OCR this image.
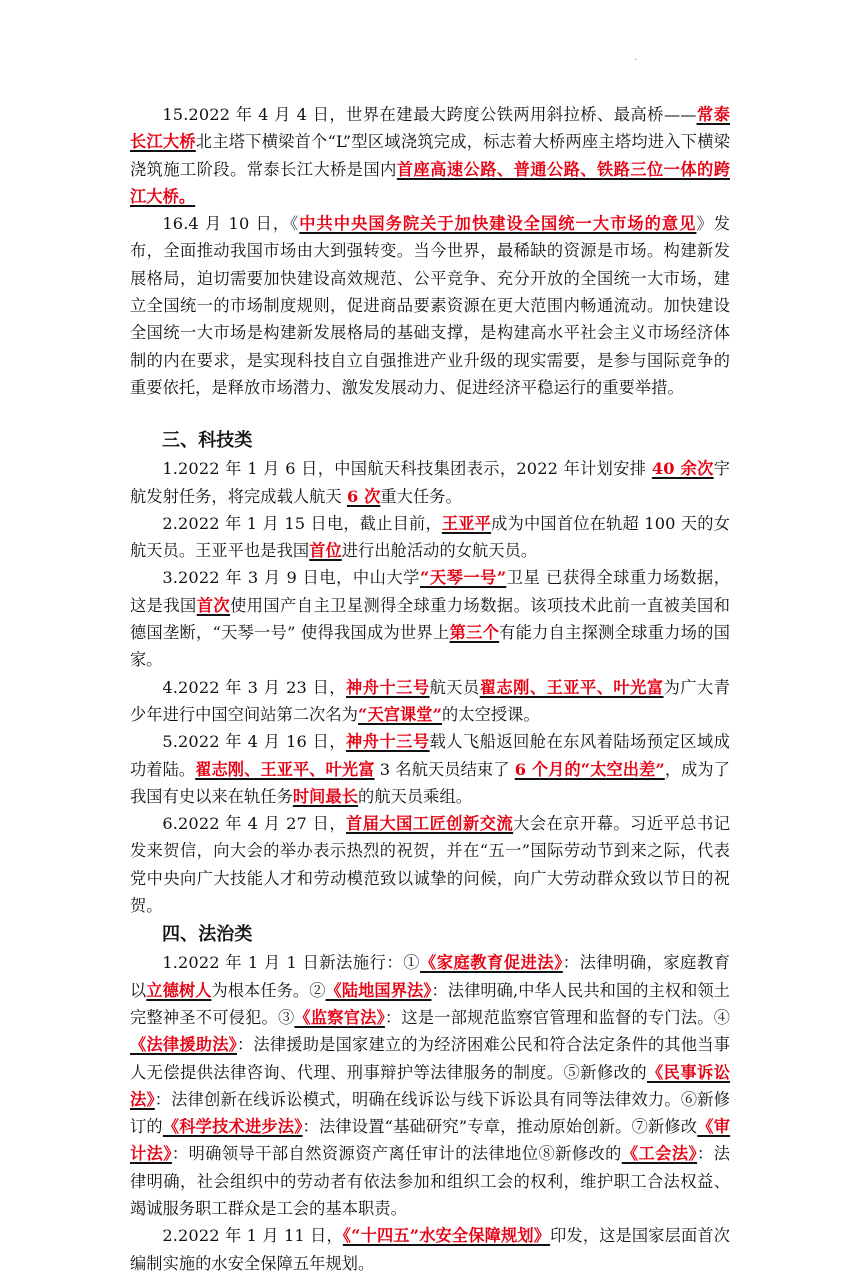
.

15.2022 年 4 月 4 日，世界在建最大跨度公铁两用斜拉桥、最高桥——常泰长江大桥北主塔下横梁首个“L”型区域浇筑完成，标志着大桥两座主塔均进入下横梁浇筑施工阶段。常泰长江大桥是国内首座高速公路、普通公路、铁路三位一体的跨江大桥。

16.4 月 10 日，《中共中央国务院关于加快建设全国统一大市场的意见》发布，全面推动我国市场由大到强转变。当今世界，最稀缺的资源是市场。构建新发展格局，迫切需要加快建设高效规范、公平竞争、充分开放的全国统一大市场，建立全国统一的市场制度规则，促进商品要素资源在更大范围内畅通流动。加快建设全国统一大市场是构建新发展格局的基础支撑，是构建高水平社会主义市场经济体制的内在要求，是实现科技自立自强推进产业升级的现实需要，是参与国际竞争的重要依托，是释放市场潜力、激发发展动力、促进经济平稳运行的重要举措。

三、科技类

1.2022 年 1 月 6 日，中国航天科技集团表示，2022 年计划安排 40 余次宇航发射任务，将完成载人航天 6 次重大任务。

2.2022 年 1 月 15 日电，截止目前，王亚平成为中国首位在轨超 100 天的女航天员。王亚平也是我国首位进行出舱活动的女航天员。

3.2022 年 3 月 9 日电，中山大学“天琴一号”卫星 已获得全球重力场数据，这是我国首次使用国产自主卫星测得全球重力场数据。该项技术此前一直被美国和德国垄断，“天琴一号” 使得我国成为世界上第三个有能力自主探测全球重力场的国家。

4.2022 年 3 月 23 日，神舟十三号航天员翟志刚、王亚平、叶光富为广大青少年进行中国空间站第二次名为“天宫课堂”的太空授课。

5.2022 年 4 月 16 日，神舟十三号载人飞船返回舱在东风着陆场预定区域成功着陆。翟志刚、王亚平、叶光富 3 名航天员结束了 6 个月的“太空出差”，成为了我国有史以来在轨任务时间最长的航天员乘组。

6.2022 年 4 月 27 日，首届大国工匠创新交流大会在京开幕。习近平总书记发来贺信，向大会的举办表示热烈的祝贺，并在“五一”国际劳动节到来之际，代表党中央向广大技能人才和劳动模范致以诚挚的问候，向广大劳动群众致以节日的祝贺。

四、法治类

1.2022 年 1 月 1 日新法施行：①《家庭教育促进法》：法律明确，家庭教育以立德树人为根本任务。②《陆地国界法》：法律明确,中华人民共和国的主权和领土完整神圣不可侵犯。③《监察官法》：这是一部规范监察官管理和监督的专门法。④《法律援助法》：法律援助是国家建立的为经济困难公民和符合法定条件的其他当事人无偿提供法律咨询、代理、刑事辩护等法律服务的制度。⑤新修改的《民事诉讼法》：法律创新在线诉讼模式，明确在线诉讼与线下诉讼具有同等法律效力。⑥新修订的《科学技术进步法》：法律设置“基础研究”专章，推动原始创新。⑦新修改《审计法》：明确领导干部自然资源资产离任审计的法律地位⑧新修改的《工会法》：法律明确，社会组织中的劳动者有依法参加和组织工会的权利，维护职工合法权益、竭诚服务职工群众是工会的基本职责。

2.2022 年 1 月 11 日，《“十四五”水安全保障规划》印发，这是国家层面首次编制实施的水安全保障五年规划。
